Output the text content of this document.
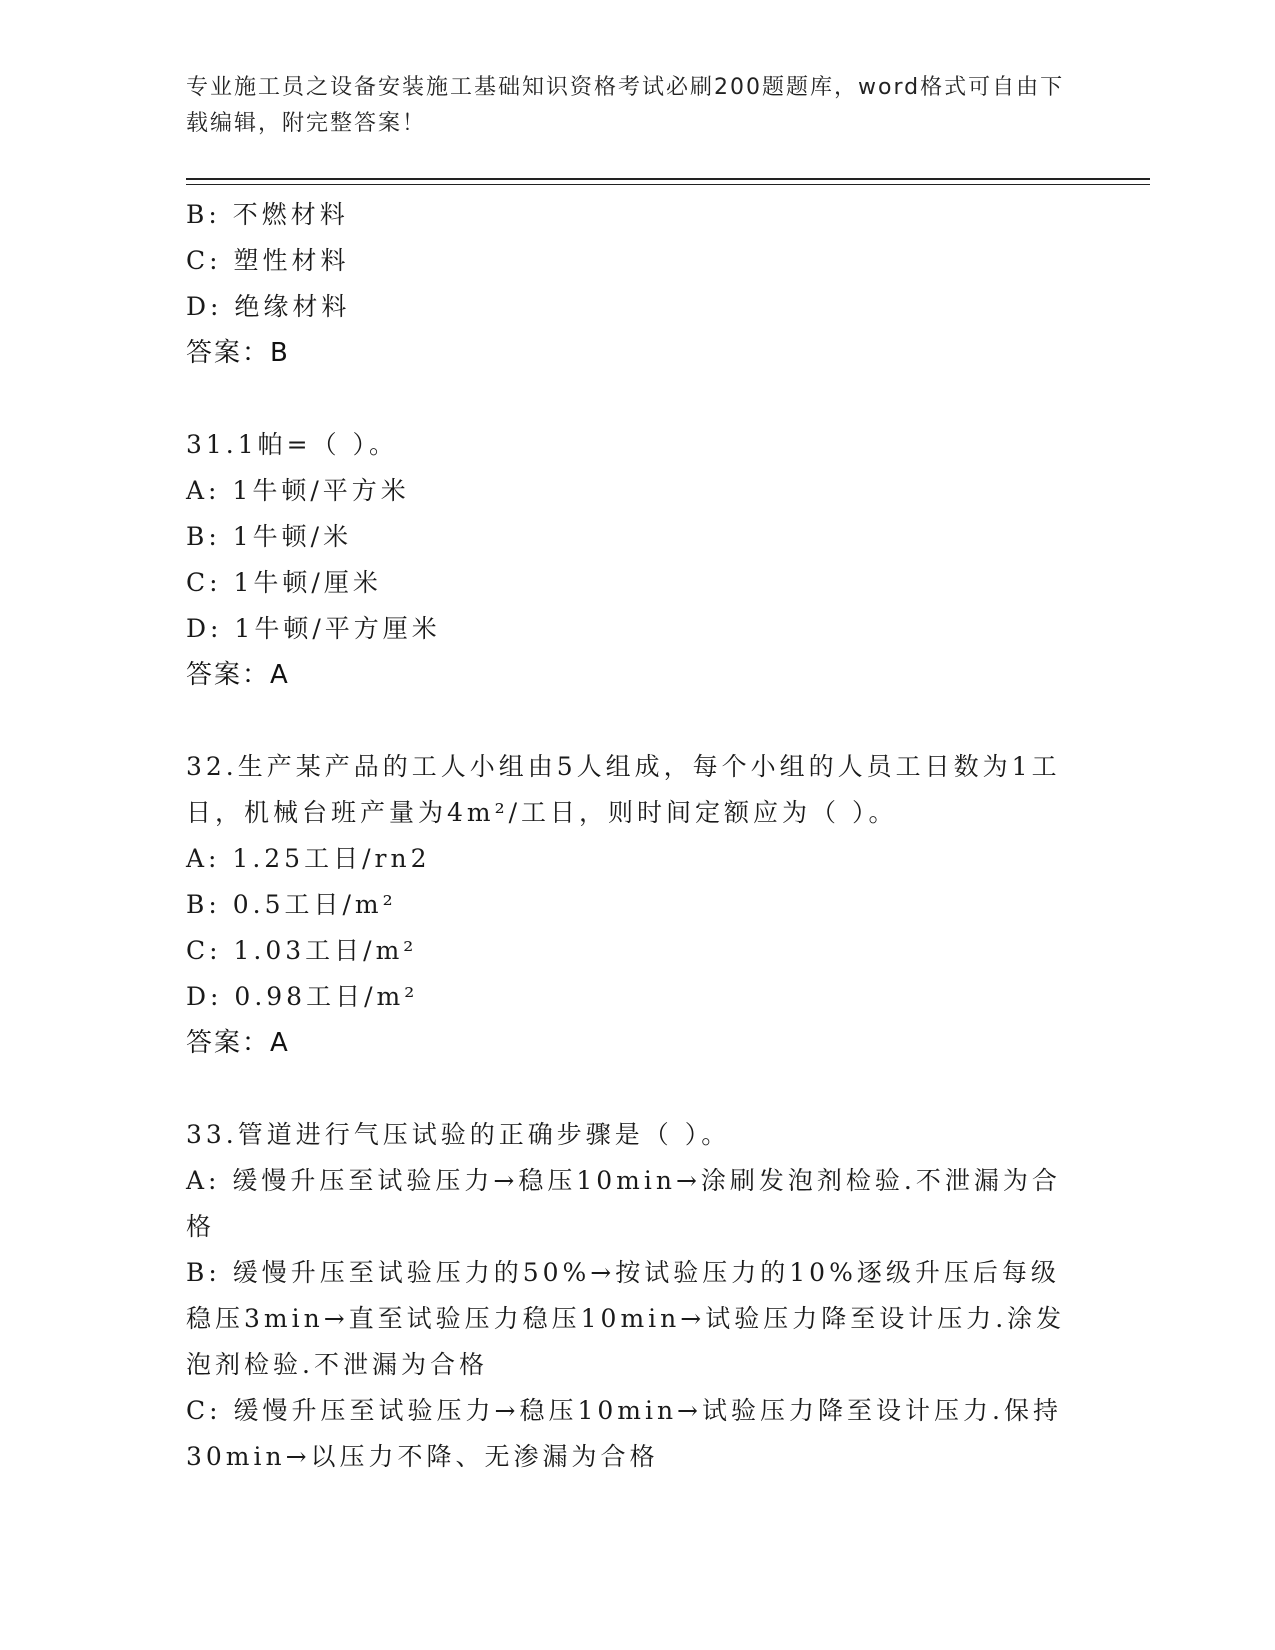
专业施工员之设备安装施工基础知识资格考试必刷200题题库，word格式可自由下载编辑，附完整答案！
B: 不燃材料
C: 塑性材料
D: 绝缘材料
答案：B
31.1帕=（ ）。
A: 1牛顿/平方米
B: 1牛顿/米
C: 1牛顿/厘米
D: 1牛顿/平方厘米
答案：A
32.生产某产品的工人小组由5人组成，每个小组的人员工日数为1工日，机械台班产量为4m²/工日，则时间定额应为（ ）。
A: 1.25工日/rn2
B: 0.5工日/m²
C: 1.03工日/m²
D: 0.98工日/m²
答案：A
33.管道进行气压试验的正确步骤是（ ）。
A: 缓慢升压至试验压力→稳压10min→涂刷发泡剂检验.不泄漏为合格
B: 缓慢升压至试验压力的50%→按试验压力的10%逐级升压后每级稳压3min→直至试验压力稳压10min→试验压力降至设计压力.涂发泡剂检验.不泄漏为合格
C: 缓慢升压至试验压力→稳压10min→试验压力降至设计压力.保持30min→以压力不降、无渗漏为合格
